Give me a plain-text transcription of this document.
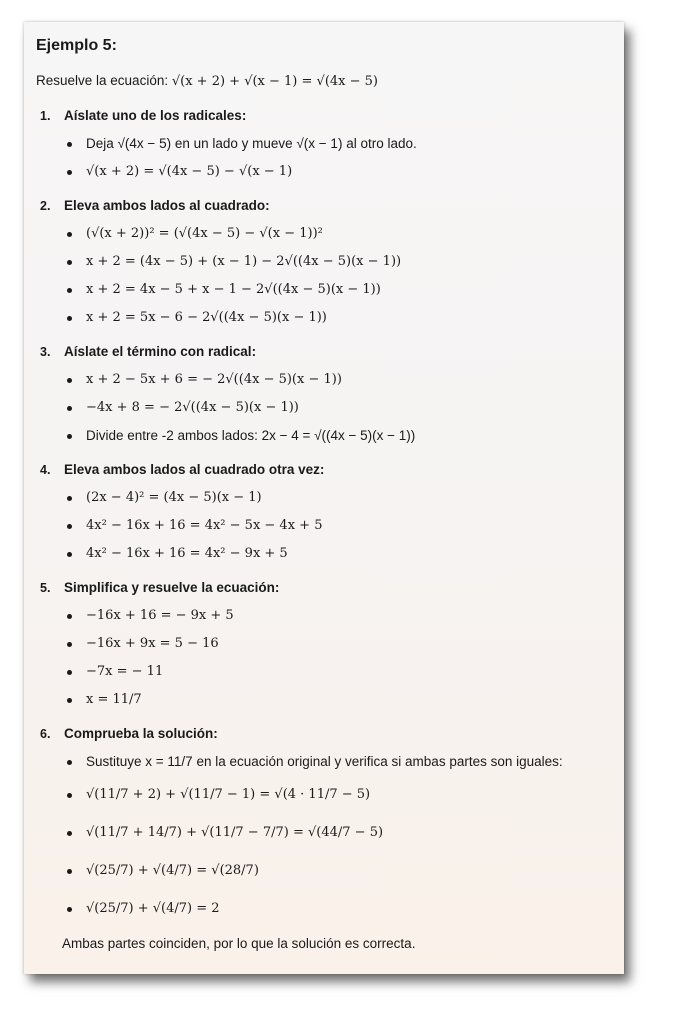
Ejemplo 5:
Resuelve la ecuación: √(x + 2) + √(x − 1) = √(4x − 5)
1. Aíslate uno de los radicales:
Deja √(4x − 5) en un lado y mueve √(x − 1) al otro lado.
√(x + 2) = √(4x − 5) − √(x − 1)
2. Eleva ambos lados al cuadrado:
(√(x + 2))² = (√(4x − 5) − √(x − 1))²
x + 2 = (4x − 5) + (x − 1) − 2√((4x − 5)(x − 1))
x + 2 = 4x − 5 + x − 1 − 2√((4x − 5)(x − 1))
x + 2 = 5x − 6 − 2√((4x − 5)(x − 1))
3. Aíslate el término con radical:
x + 2 − 5x + 6 = − 2√((4x − 5)(x − 1))
−4x + 8 = − 2√((4x − 5)(x − 1))
Divide entre -2 ambos lados: 2x − 4 = √((4x − 5)(x − 1))
4. Eleva ambos lados al cuadrado otra vez:
(2x − 4)² = (4x − 5)(x − 1)
4x² − 16x + 16 = 4x² − 5x − 4x + 5
4x² − 16x + 16 = 4x² − 9x + 5
5. Simplifica y resuelve la ecuación:
−16x + 16 = − 9x + 5
−16x + 9x = 5 − 16
−7x = − 11
x = 11/7
6. Comprueba la solución:
Sustituye x = 11/7 en la ecuación original y verifica si ambas partes son iguales:
√(11/7 + 2) + √(11/7 − 1) = √(4 · 11/7 − 5)
√(11/7 + 14/7) + √(11/7 − 7/7) = √(44/7 − 5)
√(25/7) + √(4/7) = √(28/7)
√(25/7) + √(4/7) = 2
Ambas partes coinciden, por lo que la solución es correcta.
